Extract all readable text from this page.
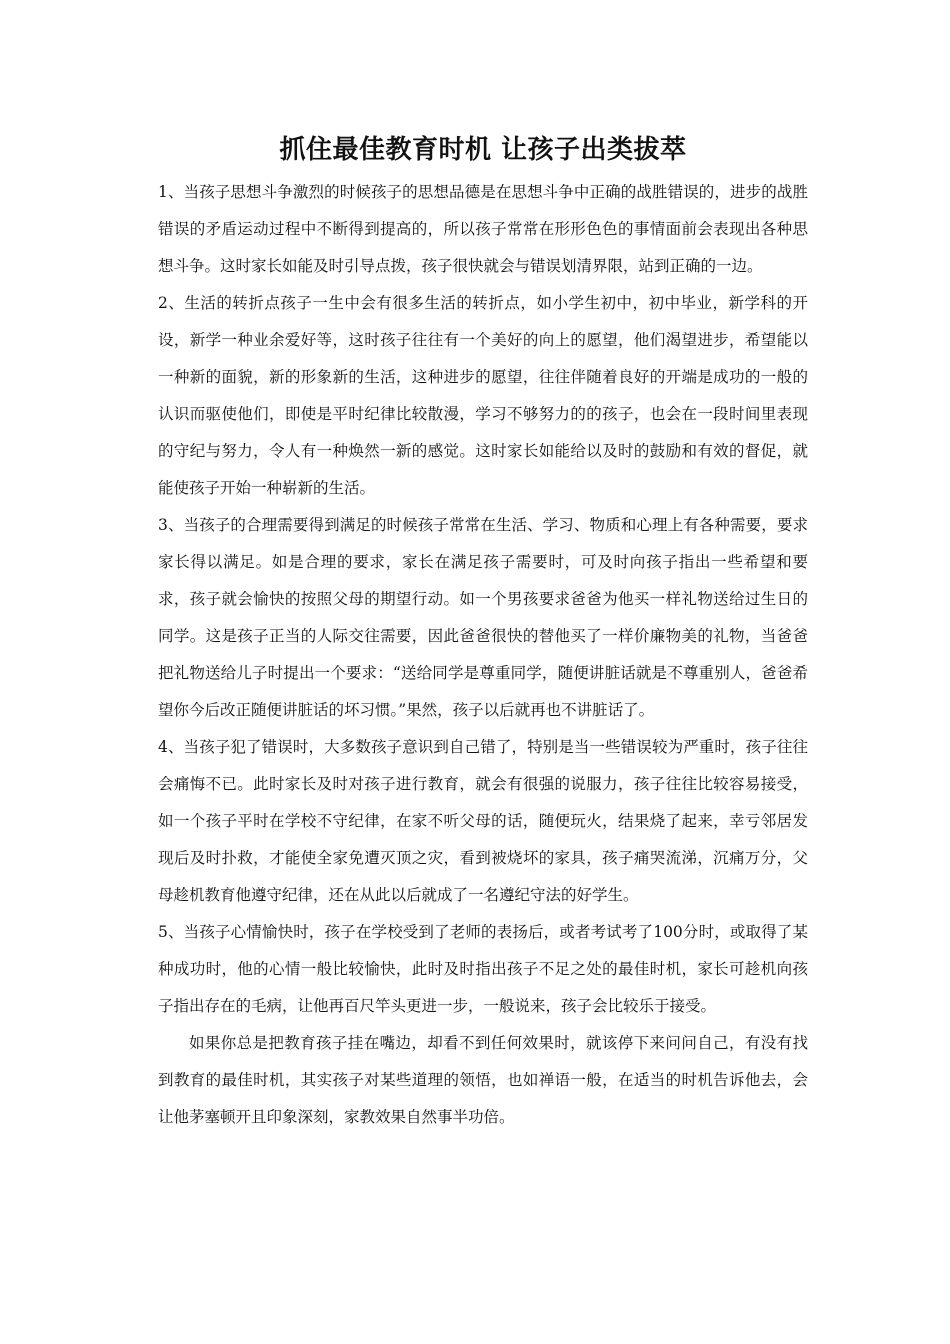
抓住最佳教育时机 让孩子出类拔萃

1、当孩子思想斗争激烈的时候孩子的思想品德是在思想斗争中正确的战胜错误的，进步的战胜错误的矛盾运动过程中不断得到提高的，所以孩子常常在形形色色的事情面前会表现出各种思想斗争。这时家长如能及时引导点拨，孩子很快就会与错误划清界限，站到正确的一边。

2、生活的转折点孩子一生中会有很多生活的转折点，如小学生初中，初中毕业，新学科的开设，新学一种业余爱好等，这时孩子往往有一个美好的向上的愿望，他们渴望进步，希望能以一种新的面貌，新的形象新的生活，这种进步的愿望，往往伴随着良好的开端是成功的一般的认识而驱使他们，即使是平时纪律比较散漫，学习不够努力的的孩子，也会在一段时间里表现的守纪与努力，令人有一种焕然一新的感觉。这时家长如能给以及时的鼓励和有效的督促，就能使孩子开始一种崭新的生活。

3、当孩子的合理需要得到满足的时候孩子常常在生活、学习、物质和心理上有各种需要，要求家长得以满足。如是合理的要求，家长在满足孩子需要时，可及时向孩子指出一些希望和要求，孩子就会愉快的按照父母的期望行动。如一个男孩要求爸爸为他买一样礼物送给过生日的同学。这是孩子正当的人际交往需要，因此爸爸很快的替他买了一样价廉物美的礼物，当爸爸把礼物送给儿子时提出一个要求：“送给同学是尊重同学，随便讲脏话就是不尊重别人，爸爸希望你今后改正随便讲脏话的坏习惯。”果然，孩子以后就再也不讲脏话了。

4、当孩子犯了错误时，大多数孩子意识到自己错了，特别是当一些错误较为严重时，孩子往往会痛悔不已。此时家长及时对孩子进行教育，就会有很强的说服力，孩子往往比较容易接受，如一个孩子平时在学校不守纪律，在家不听父母的话，随便玩火，结果烧了起来，幸亏邻居发现后及时扑救，才能使全家免遭灭顶之灾，看到被烧坏的家具，孩子痛哭流涕，沉痛万分，父母趁机教育他遵守纪律，还在从此以后就成了一名遵纪守法的好学生。

5、当孩子心情愉快时，孩子在学校受到了老师的表扬后，或者考试考了100分时，或取得了某种成功时，他的心情一般比较愉快，此时及时指出孩子不足之处的最佳时机，家长可趁机向孩子指出存在的毛病，让他再百尺竿头更进一步，一般说来，孩子会比较乐于接受。

如果你总是把教育孩子挂在嘴边，却看不到任何效果时，就该停下来问问自己，有没有找到教育的最佳时机，其实孩子对某些道理的领悟，也如禅语一般，在适当的时机告诉他去，会让他茅塞顿开且印象深刻，家教效果自然事半功倍。
